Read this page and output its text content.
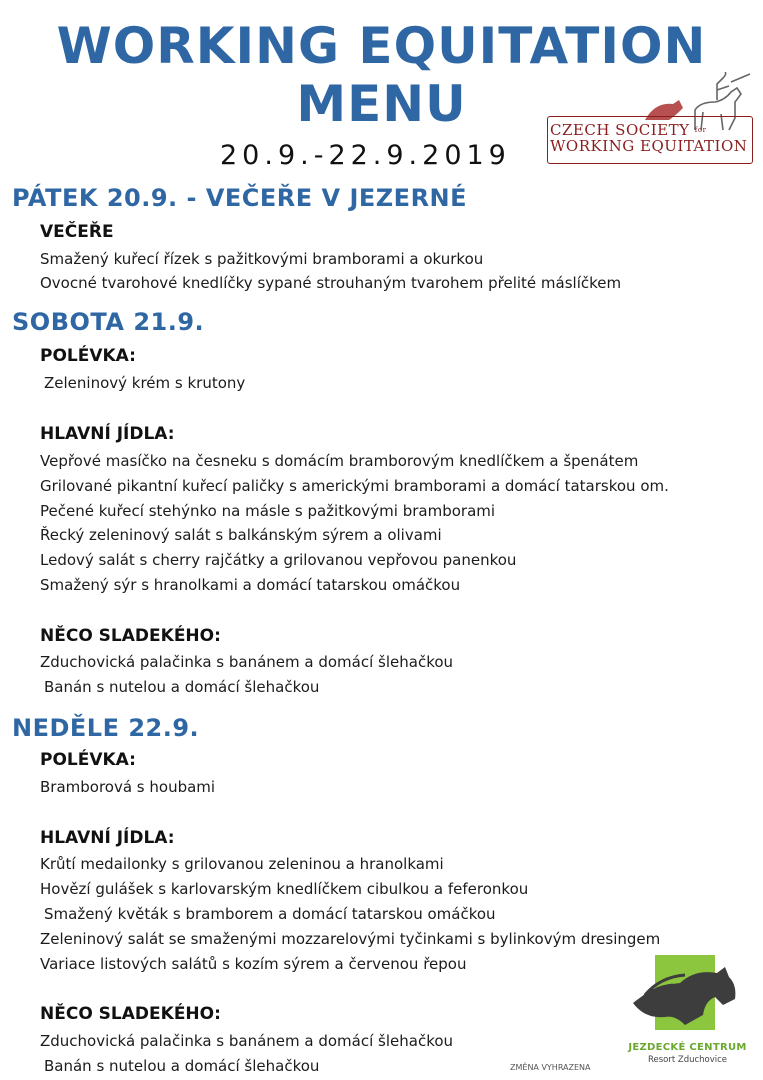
WORKING EQUITATION
MENU

20.9.-22.9.2019

CZECH SOCIETY $^{for}$
WORKING EQUITATION
PÁTEK 20.9. - VEČEŘE V JEZERNÉ

VEČEŘE

Smažený kuřecí řízek s pažitkovými bramborami a okurkou

Ovocné tvarohové knedlíčky sypané strouhaným tvarohem přelité máslíčkem

SOBOTA 21.9.

POLÉVKA:

Zeleninový krém s krutony

HLAVNÍ JÍDLA:

Vepřové masíčko na česneku s domácím bramborovým knedlíčkem a špenátem

Grilované pikantní kuřecí paličky s americkými bramborami a domácí tatarskou om.

Pečené kuřecí stehýnko na másle s pažitkovými bramborami

Řecký zeleninový salát s balkánským sýrem a olivami

Ledový salát s cherry rajčátky a grilovanou vepřovou panenkou

Smažený sýr s hranolkami a domácí tatarskou omáčkou

NĚCO SLADEKÉHO:

Zduchovická palačinka s banánem a domácí šlehačkou

Banán s nutelou a domácí šlehačkou

NEDĚLE 22.9.

POLÉVKA:

Bramborová s houbami

HLAVNÍ JÍDLA:

Krůtí medailonky s grilovanou zeleninou a hranolkami

Hovězí gulášek s karlovarským knedlíčkem cibulkou a feferonkou

Smažený květák s bramborem a domácí tatarskou omáčkou

Zeleninový salát se smaženými mozzarelovými tyčinkami s bylinkovým dresingem

Variace listových salátů s kozím sýrem a červenou řepou

NĚCO SLADEKÉHO:

Zduchovická palačinka s banánem a domácí šlehačkou

Banán s nutelou a domácí šlehačkou

JEZDECKÉ CENTRUM
Resort Zduchovice
ZMĚNA VYHRAZENA
